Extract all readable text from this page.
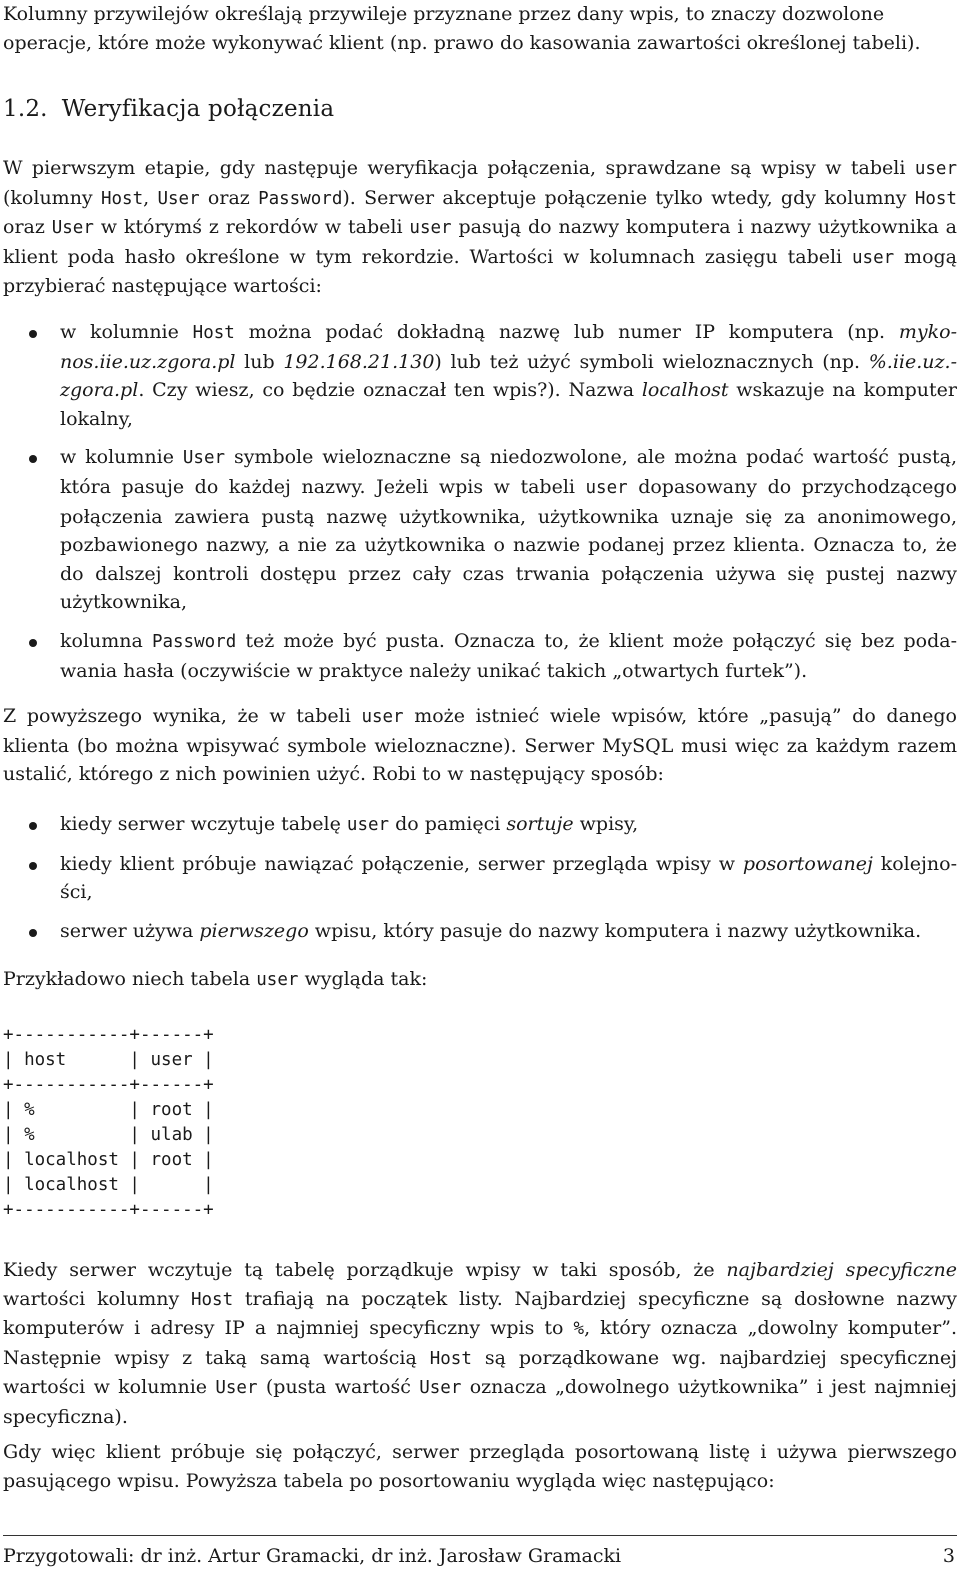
Kolumny przywilejów określają przywileje przyznane przez dany wpis, to znaczy dozwolone

operacje, które może wykonywać klient (np. prawo do kasowania zawartości określonej tabeli).

1.2. Weryfikacja połączenia

W pierwszym etapie, gdy następuje weryfikacja połączenia, sprawdzane są wpisy w tabeli user (kolumny Host, User oraz Password). Serwer akceptuje połączenie tylko wtedy, gdy kolumny Host oraz User w którymś z rekordów w tabeli user pasują do nazwy komputera i nazwy użytkownika a klient poda hasło określone w tym rekordzie. Wartości w kolumnach zasięgu tabeli user mogą przybierać następujące wartości:

w kolumnie Host można podać dokładną nazwę lub numer IP komputera (np. myko-nos.iie.uz.zgora.pl lub 192.168.21.130) lub też użyć symboli wieloznacznych (np. %.iie.uz.-zgora.pl. Czy wiesz, co będzie oznaczał ten wpis?). Nazwa localhost wskazuje na komputer lokalny,
w kolumnie User symbole wieloznaczne są niedozwolone, ale można podać wartość pustą, która pasuje do każdej nazwy. Jeżeli wpis w tabeli user dopasowany do przychodzącego połączenia zawiera pustą nazwę użytkownika, użytkownika uznaje się za anonimowego, pozbawionego nazwy, a nie za użytkownika o nazwie podanej przez klienta. Oznacza to, że do dalszej kontroli dostępu przez cały czas trwania połączenia używa się pustej nazwy użytkownika,
kolumna Password też może być pusta. Oznacza to, że klient może połączyć się bez poda-wania hasła (oczywiście w praktyce należy unikać takich „otwartych furtek”).

Z powyższego wynika, że w tabeli user może istnieć wiele wpisów, które „pasują” do danego klienta (bo można wpisywać symbole wieloznaczne). Serwer MySQL musi więc za każdym razem ustalić, którego z nich powinien użyć. Robi to w następujący sposób:

kiedy serwer wczytuje tabelę user do pamięci sortuje wpisy,
kiedy klient próbuje nawiązać połączenie, serwer przegląda wpisy w posortowanej kolejno-ści,
serwer używa pierwszego wpisu, który pasuje do nazwy komputera i nazwy użytkownika.

Przykładowo niech tabela user wygląda tak:

+-----------+------+
| host      | user |
+-----------+------+
| %         | root |
| %         | ulab |
| localhost | root |
| localhost |      |
+-----------+------+

Kiedy serwer wczytuje tą tabelę porządkuje wpisy w taki sposób, że najbardziej specyficzne wartości kolumny Host trafiają na początek listy. Najbardziej specyficzne są dosłowne nazwy komputerów i adresy IP a najmniej specyficzny wpis to %, który oznacza „dowolny komputer”. Następnie wpisy z taką samą wartością Host są porządkowane wg. najbardziej specyficznej wartości w kolumnie User (pusta wartość User oznacza „dowolnego użytkownika” i jest najmniej specyficzna).

Gdy więc klient próbuje się połączyć, serwer przegląda posortowaną listę i używa pierwszego pasującego wpisu. Powyższa tabela po posortowaniu wygląda więc następująco:

Przygotowali: dr inż. Artur Gramacki, dr inż. Jarosław Gramacki	3
